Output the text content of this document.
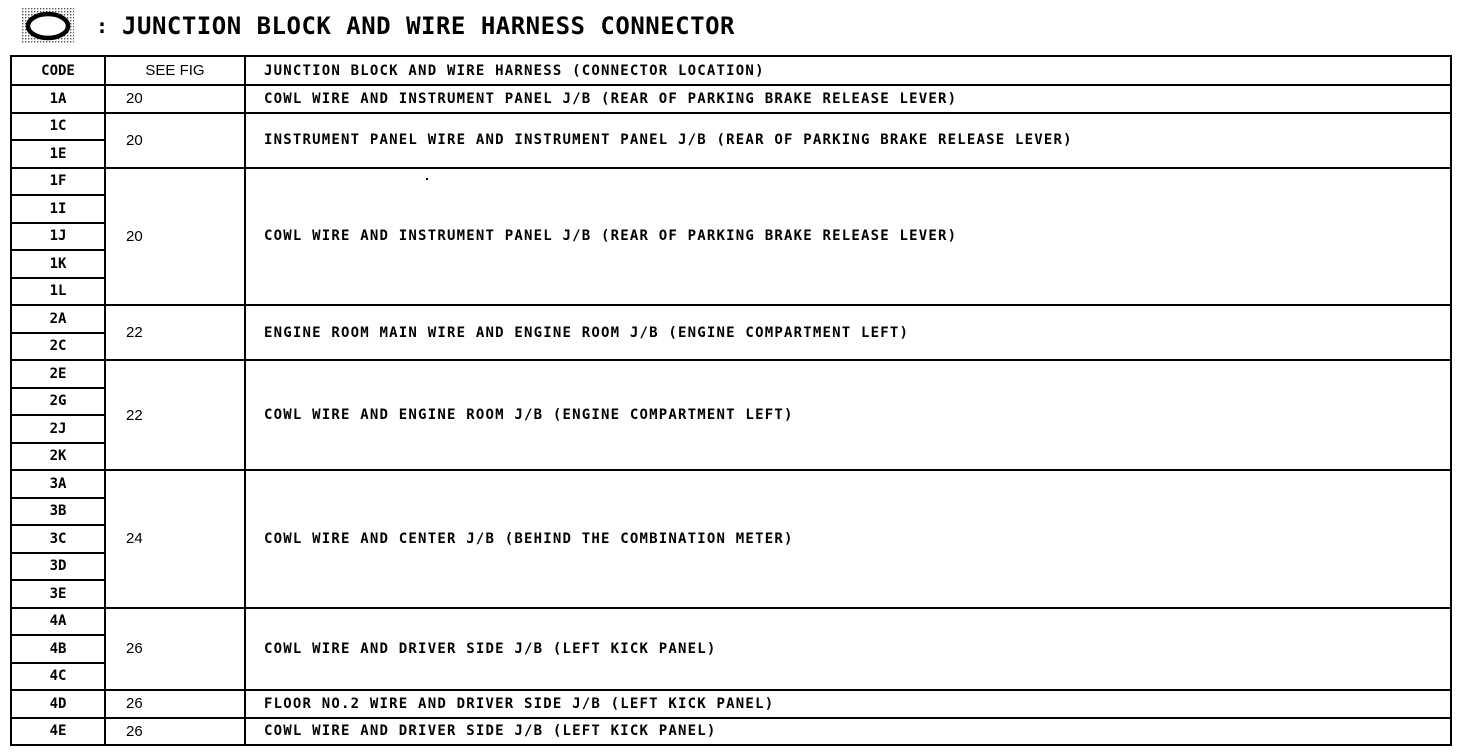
: JUNCTION BLOCK AND WIRE HARNESS CONNECTOR
CODE	SEE FIG	JUNCTION BLOCK AND WIRE HARNESS (CONNECTOR LOCATION)
1A	20	COWL WIRE AND INSTRUMENT PANEL J/B (REAR OF PARKING BRAKE RELEASE LEVER)
1C	20	INSTRUMENT PANEL WIRE AND INSTRUMENT PANEL J/B (REAR OF PARKING BRAKE RELEASE LEVER)
1E		
1F	20	COWL WIRE AND INSTRUMENT PANEL J/B (REAR OF PARKING BRAKE RELEASE LEVER)
1I		
1J		
1K		
1L		
2A	22	ENGINE ROOM MAIN WIRE AND ENGINE ROOM J/B (ENGINE COMPARTMENT LEFT)
2C		
2E	22	COWL WIRE AND ENGINE ROOM J/B (ENGINE COMPARTMENT LEFT)
2G		
2J		
2K		
3A	24	COWL WIRE AND CENTER J/B (BEHIND THE COMBINATION METER)
3B		
3C		
3D		
3E		
4A	26	COWL WIRE AND DRIVER SIDE J/B (LEFT KICK PANEL)
4B		
4C		
4D	26	FLOOR NO.2 WIRE AND DRIVER SIDE J/B (LEFT KICK PANEL)
4E	26	COWL WIRE AND DRIVER SIDE J/B (LEFT KICK PANEL)
